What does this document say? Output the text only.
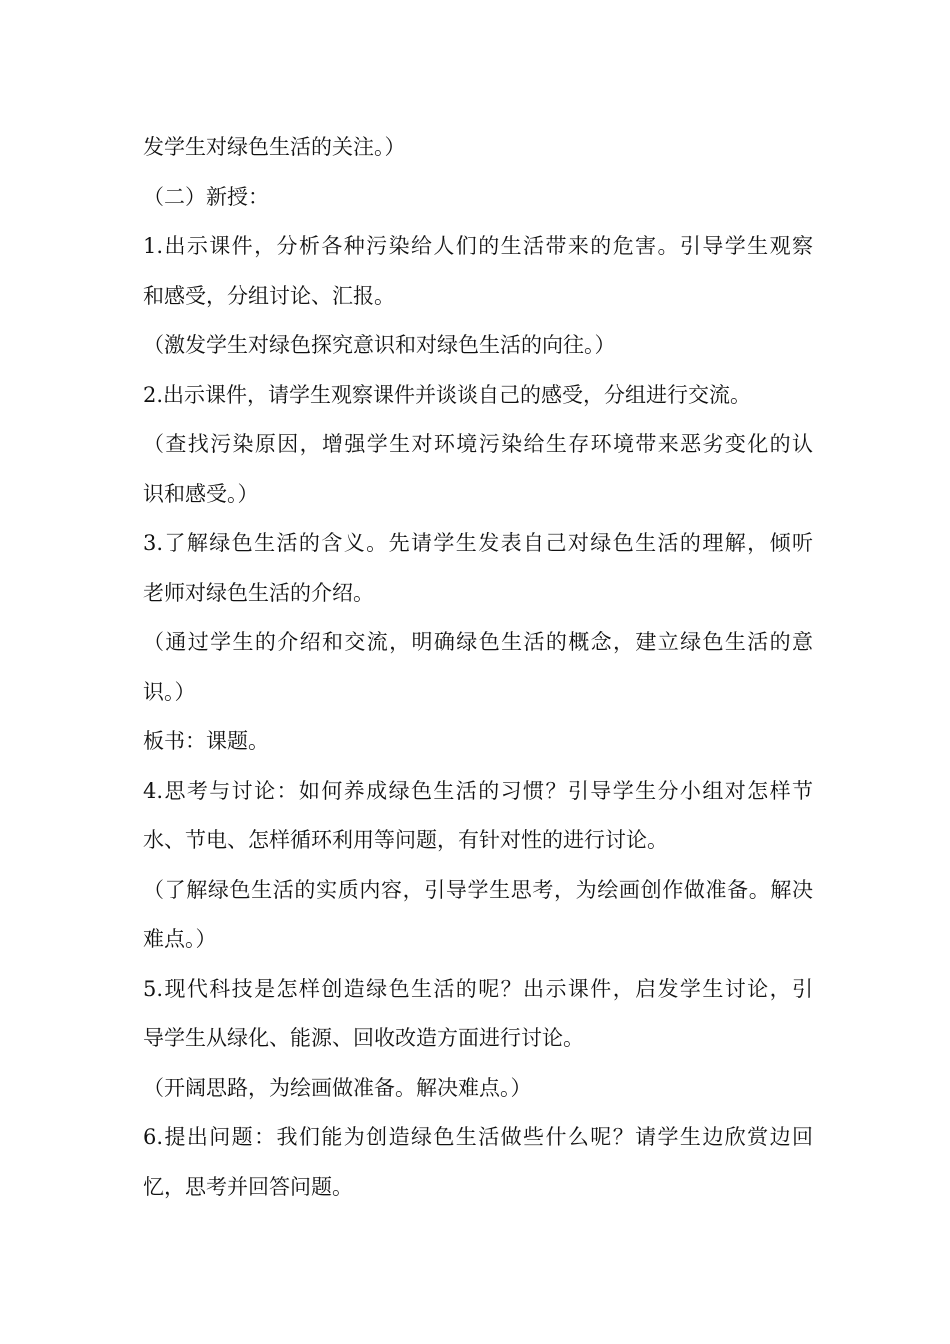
发学生对绿色生活的关注。）
（二）新授：
1.出示课件，分析各种污染给人们的生活带来的危害。引导学生观察
和感受，分组讨论、汇报。
（激发学生对绿色探究意识和对绿色生活的向往。）
2.出示课件，请学生观察课件并谈谈自己的感受，分组进行交流。
（查找污染原因，增强学生对环境污染给生存环境带来恶劣变化的认
识和感受。）
3.了解绿色生活的含义。先请学生发表自己对绿色生活的理解，倾听
老师对绿色生活的介绍。
（通过学生的介绍和交流，明确绿色生活的概念，建立绿色生活的意
识。）
板书：课题。
4.思考与讨论：如何养成绿色生活的习惯？引导学生分小组对怎样节
水、节电、怎样循环利用等问题，有针对性的进行讨论。
（了解绿色生活的实质内容，引导学生思考，为绘画创作做准备。解决
难点。）
5.现代科技是怎样创造绿色生活的呢？出示课件，启发学生讨论，引
导学生从绿化、能源、回收改造方面进行讨论。
（开阔思路，为绘画做准备。解决难点。）
6.提出问题：我们能为创造绿色生活做些什么呢？请学生边欣赏边回
忆，思考并回答问题。
